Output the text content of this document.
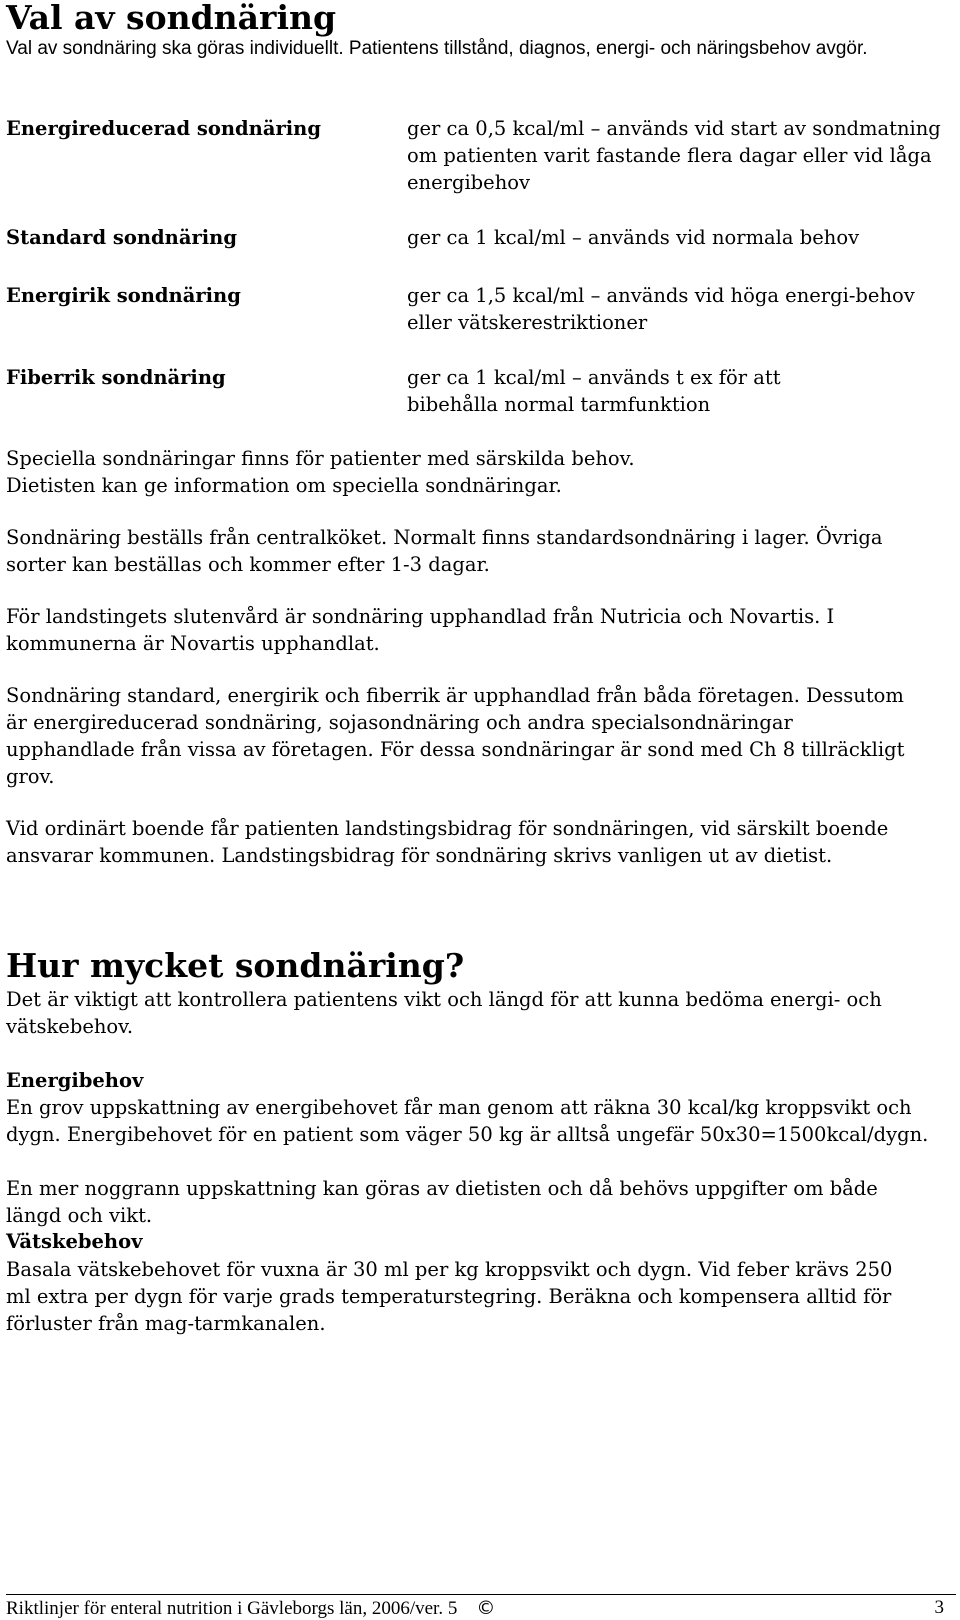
Val av sondnäring

Val av sondnäring ska göras individuellt. Patientens tillstånd, diagnos, energi- och näringsbehov avgör.

Energireducerad sondnäring	ger ca 0,5 kcal/ml – används vid start av sondmatning om patienten varit fastande flera dagar eller vid låga energibehov
Standard sondnäring	ger ca 1 kcal/ml – används vid normala behov
Energirik sondnäring	ger ca 1,5 kcal/ml – används vid höga energi-behov eller vätskerestriktioner
Fiberrik sondnäring	ger ca 1 kcal/ml – används t ex för att bibehålla normal tarmfunktion

Speciella sondnäringar finns för patienter med särskilda behov. Dietisten kan ge information om speciella sondnäringar.

Sondnäring beställs från centralköket. Normalt finns standardsondnäring i lager. Övriga sorter kan beställas och kommer efter 1-3 dagar.

För landstingets slutenvård är sondnäring upphandlad från Nutricia och Novartis. I kommunerna är Novartis upphandlat.

Sondnäring standard, energirik och fiberrik är upphandlad från båda företagen. Dessutom är energireducerad sondnäring, sojasondnäring och andra specialsondnäringar upphandlade från vissa av företagen. För dessa sondnäringar är sond med Ch 8 tillräckligt grov.

Vid ordinärt boende får patienten landstingsbidrag för sondnäringen, vid särskilt boende ansvarar kommunen. Landstingsbidrag för sondnäring skrivs vanligen ut av dietist.

Hur mycket sondnäring?

Det är viktigt att kontrollera patientens vikt och längd för att kunna bedöma energi- och vätskebehov.

Energibehov

En grov uppskattning av energibehovet får man genom att räkna 30 kcal/kg kroppsvikt och dygn. Energibehovet för en patient som väger 50 kg är alltså ungefär 50x30=1500kcal/dygn.

En mer noggrann uppskattning kan göras av dietisten och då behövs uppgifter om både längd och vikt.

Vätskebehov

Basala vätskebehovet för vuxna är 30 ml per kg kroppsvikt och dygn. Vid feber krävs 250 ml extra per dygn för varje grads temperaturstegring. Beräkna och kompensera alltid för förluster från mag-tarmkanalen.

Riktlinjer för enteral nutrition i Gävleborgs län, 2006/ver. 5 ©	3
